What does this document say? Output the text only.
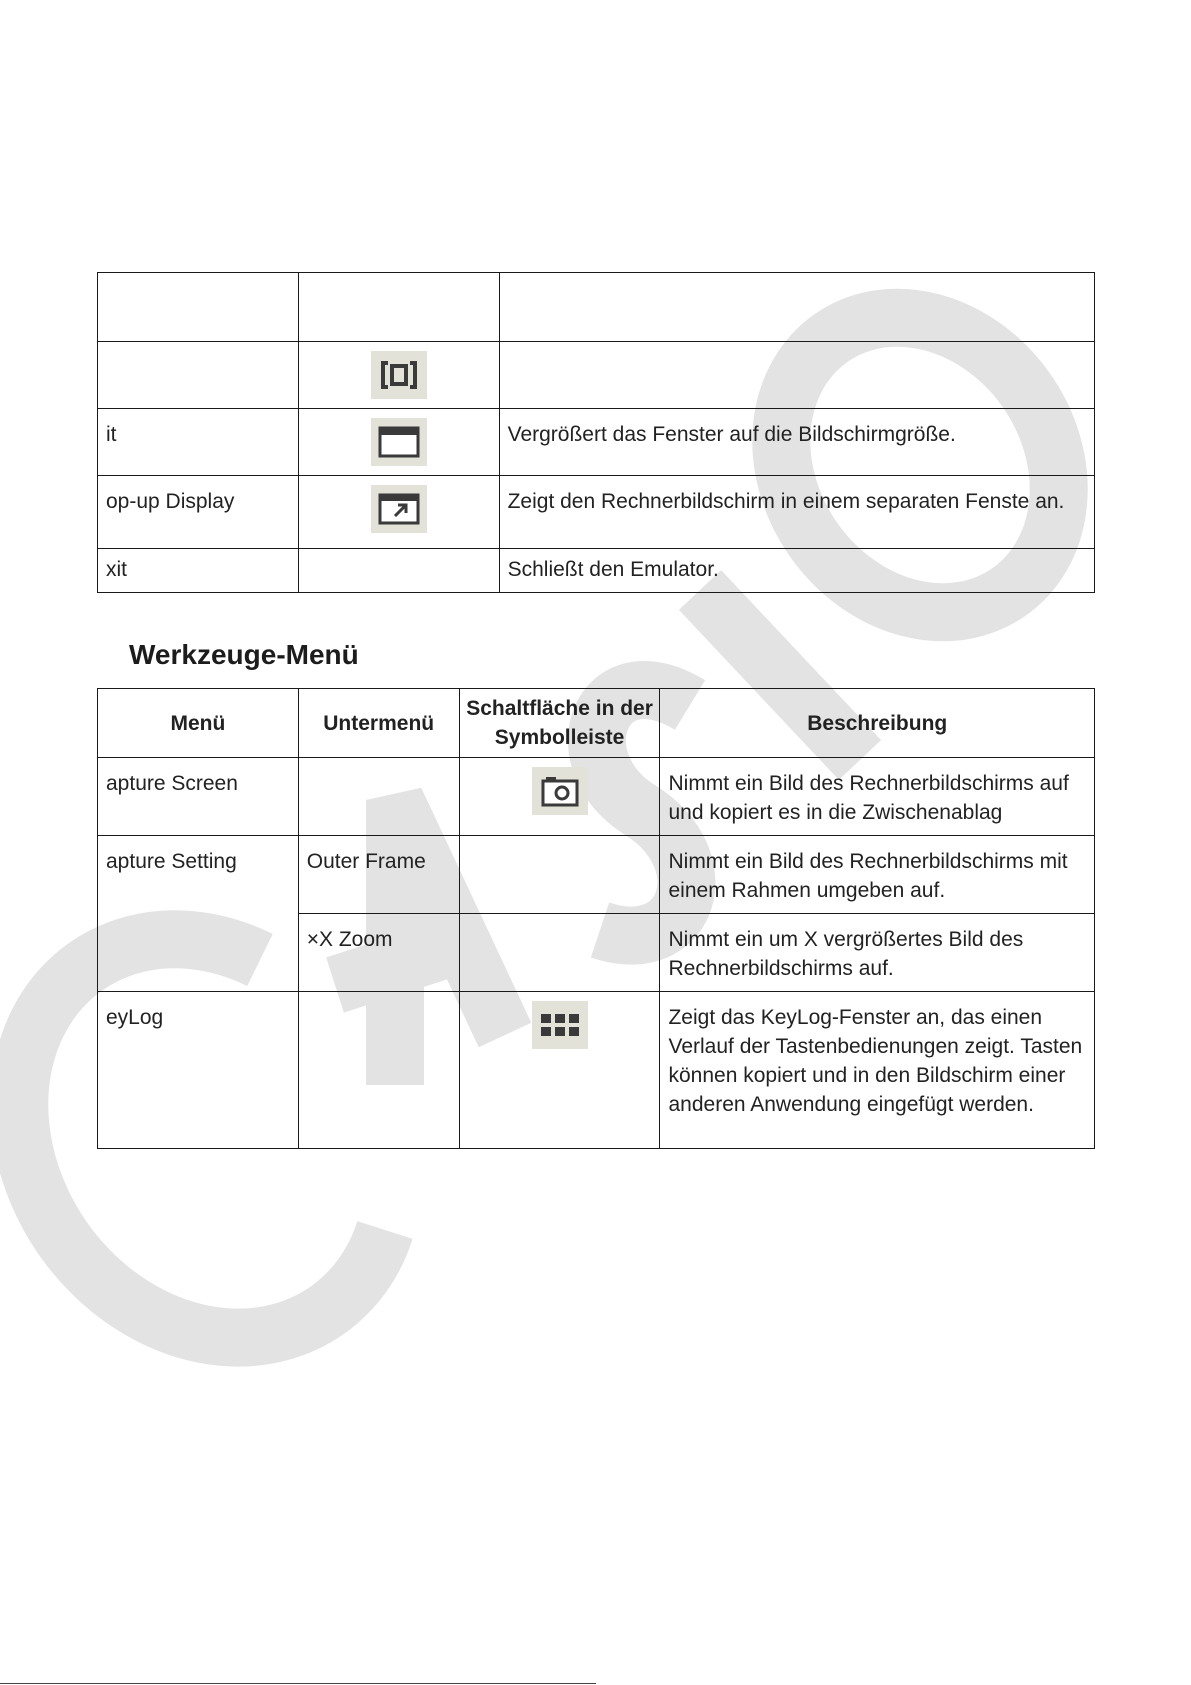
it		Vergrößert das Fenster auf die Bildschirmgröße.

op-up Display		Zeigt den Rechnerbildschirm in einem separaten Fenste an.

xit		Schließt den Emulator.
Werkzeuge-Menü
Menü	Untermenü	Schaltfläche in der Symbolleiste	Beschreibung

apture Screen			Nimmt ein Bild des Rechnerbildschirms auf und kopiert es in die Zwischenablag

apture Setting	Outer Frame		Nimmt ein Bild des Rechnerbildschirms mit einem Rahmen umgeben auf.

	×X Zoom		Nimmt ein um X vergrößertes Bild des Rechnerbildschirms auf.

eyLog			Zeigt das KeyLog-Fenster an, das einen Verlauf der Tastenbedienungen zeigt. Tasten können kopiert und in den Bildschirm einer anderen Anwendung eingefügt werden.
